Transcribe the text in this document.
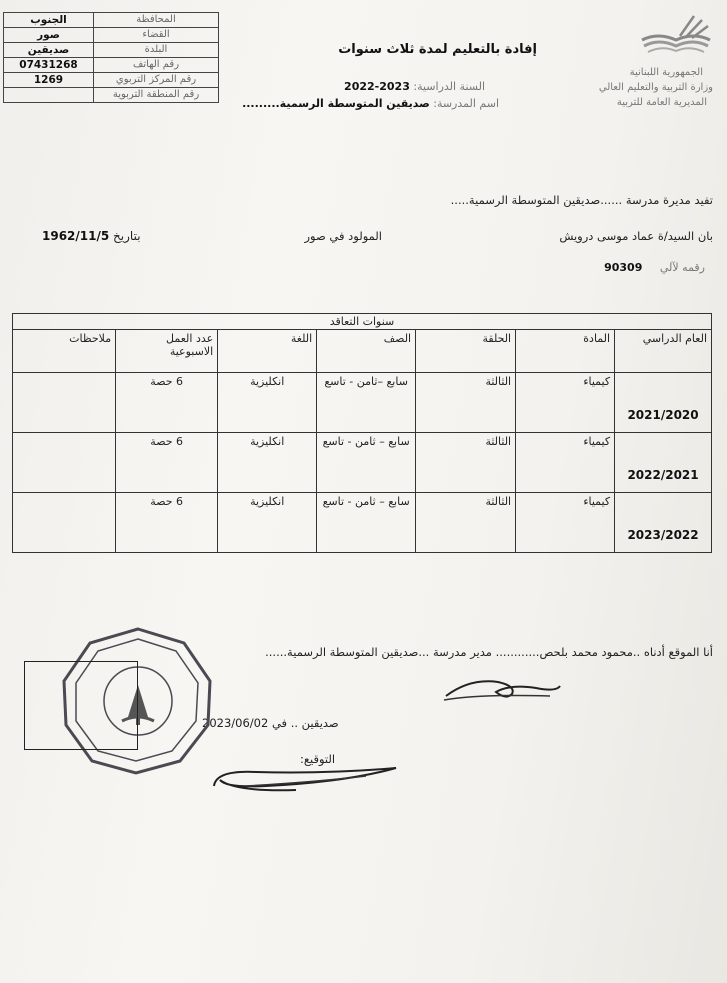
الجنوب	المحافظة
صور	القضاء
صديقين	البلدة
07431268	رقم الهاتف
1269	رقم المركز التربوي
	رقم المنطقة التربوية
الجمهورية اللبنانية
وزارة التربية والتعليم العالي
المديرية العامة للتربية
إفادة بالتعليم لمدة ثلاث سنوات
السنة الدراسية: 2023-2022
اسم المدرسة: صديقين المتوسطة الرسمية.........
تفيد مديرة مدرسة ......صديقين المتوسطة الرسمية.....
بان السيد/ة عماد موسى درويش
المولود في صور
بتاريخ 1962/11/5
رقمه لآلي 90309
سنوات التعاقد						
العام الدراسي	المادة	الحلقة	الصف	اللغة	عدد العمل الاسبوعية	ملاحظات
2021/2020	كيمياء	الثالثة	سابع –ثامن - تاسع	انكليزية	6 حصة	
2022/2021	كيمياء	الثالثة	سابع – ثامن - تاسع	انكليزية	6 حصة	
2023/2022	كيمياء	الثالثة	سابع – ثامن - تاسع	انكليزية	6 حصة	
أنا الموقع أدناه ..محمود محمد بلحص............ مدير مدرسة ...صديقين المتوسطة الرسمية......
صديقين .. في 2023/06/02
التوقيع:
